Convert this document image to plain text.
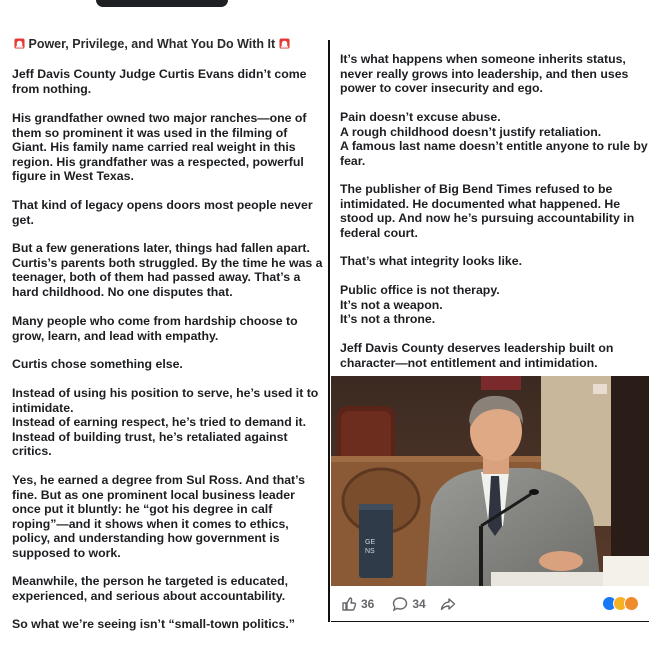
Power, Privilege, and What You Do With It

Jeff Davis County Judge Curtis Evans didn’t come from nothing.

His grandfather owned two major ranches—one of them so prominent it was used in the filming of Giant. His family name carried real weight in this region. His grandfather was a respected, powerful figure in West Texas.

That kind of legacy opens doors most people never get.

But a few generations later, things had fallen apart. Curtis’s parents both struggled. By the time he was a teenager, both of them had passed away. That’s a hard childhood. No one disputes that.

Many people who come from hardship choose to grow, learn, and lead with empathy.

Curtis chose something else.

Instead of using his position to serve, he’s used it to intimidate.
Instead of earning respect, he’s tried to demand it.
Instead of building trust, he’s retaliated against critics.

Yes, he earned a degree from Sul Ross. And that’s fine. But as one prominent local business leader once put it bluntly: he “got his degree in calf roping”—and it shows when it comes to ethics, policy, and understanding how government is supposed to work.

Meanwhile, the person he targeted is educated, experienced, and serious about accountability.

So what we’re seeing isn’t “small-town politics.”

It’s what happens when someone inherits status, never really grows into leadership, and then uses power to cover insecurity and ego.

Pain doesn’t excuse abuse.
A rough childhood doesn’t justify retaliation.
A famous last name doesn’t entitle anyone to rule by fear.

The publisher of Big Bend Times refused to be intimidated. He documented what happened. He stood up. And now he’s pursuing accountability in federal court.

That’s what integrity looks like.

Public office is not therapy.
It’s not a weapon.
It’s not a throne.

Jeff Davis County deserves leadership built on character—not entitlement and intimidation.

GE NS
36	34
